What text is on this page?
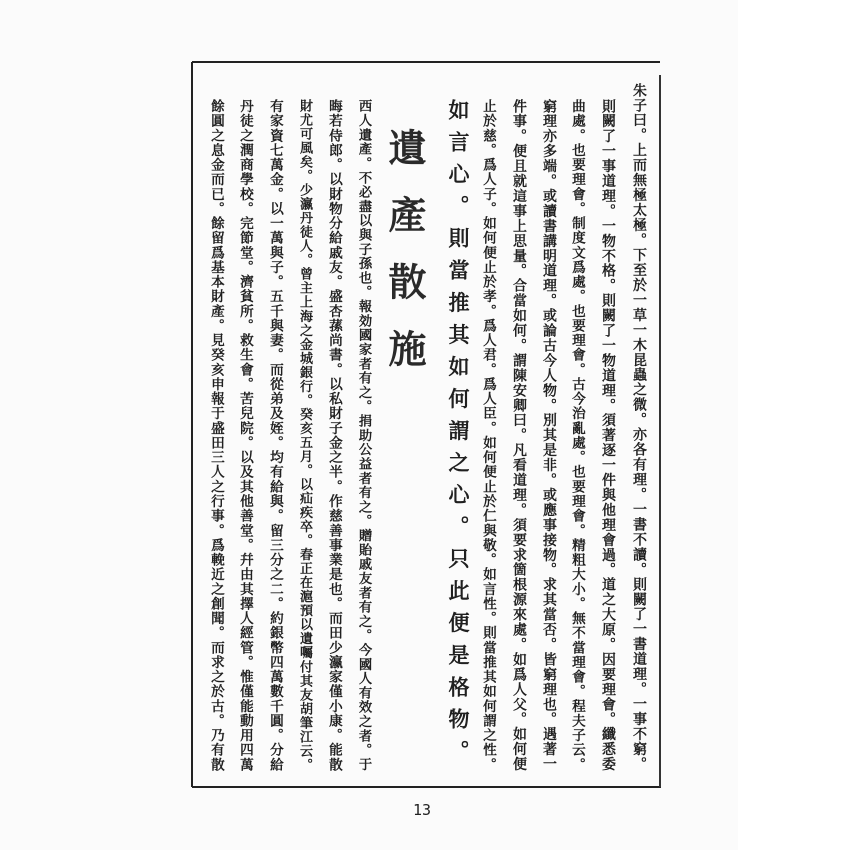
朱子曰。上而無極太極。下至於一草一木昆蟲之微。亦各有理。一書不讀。則闕了一書道理。一事不窮。
則闕了一事道理。一物不格。則闕了一物道理。須著逐一件與他理會過。道之大原。因要理會。纖悉委
曲處。也要理會。制度文爲處。也要理會。古今治亂處。也要理會。精粗大小。無不當理會。程夫子云。
窮理亦多端。或讀書講明道理。或論古今人物。別其是非。或應事接物。求其當否。皆窮理也。遇著一
件事。便且就這事上思量。合當如何。謂陳安卿曰。凡看道理。須要求箇根源來處。如爲人父。如何便
止於慈。爲人子。如何便止於孝。爲人君。爲人臣。如何便止於仁與敬。如言性。則當推其如何謂之性。
如言心。則當推其如何謂之心。只此便是格物。
遺產散施
西人遺產。不必盡以與子孫也。報効國家者有之。捐助公益者有之。贈貽戚友者有之。今國人有效之者。于
晦若侍郎。以財物分給戚友。盛杏蓀尚書。以私財子金之半。作慈善事業是也。而田少瀛家僅小康。能散
財尤可風矣。少瀛丹徒人。曾主上海之金城銀行。癸亥五月。以疝疾卒。春正在滬預以遺囑付其友胡筆江云。
有家資七萬金。以一萬與子。五千與妻。而從弟及姪。均有給與。留三分之二。約銀幣四萬數千圓。分給
丹徒之潤商學校。完節堂。濟貧所。救生會。苦兒院。以及其他善堂。幷由其擇人經管。惟僅能動用四萬
餘圓之息金而已。餘留爲基本財產。見癸亥申報于盛田三人之行事。爲輓近之創聞。而求之於古。乃有散
13
